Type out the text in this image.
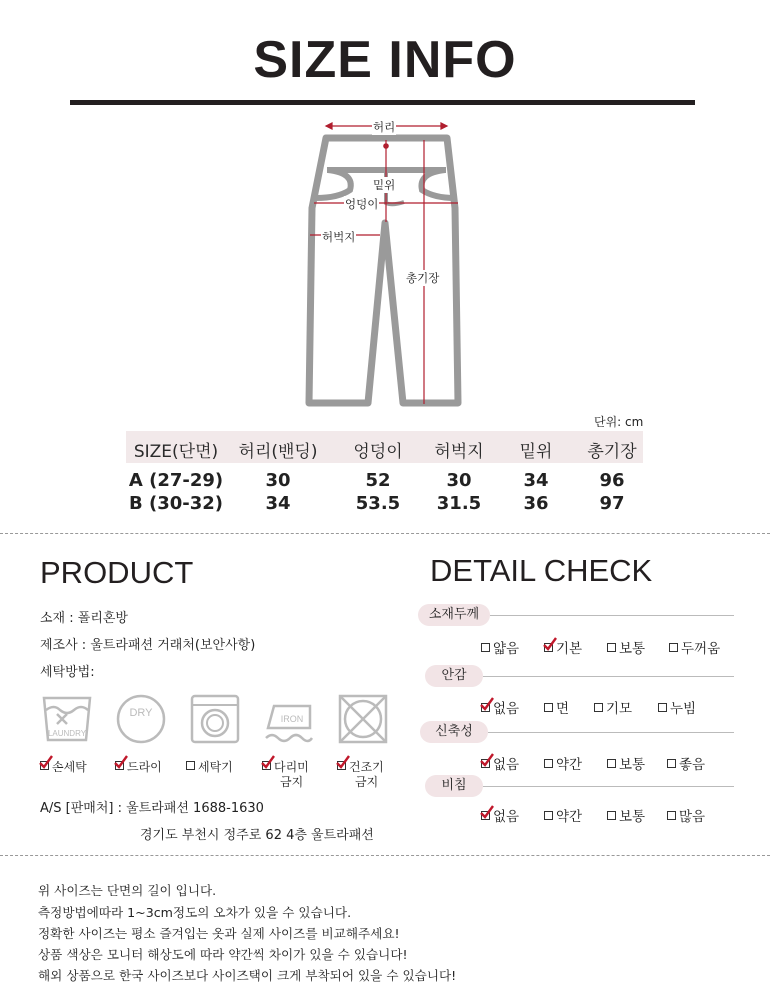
SIZE INFO
허리
밑위
엉덩이
허벅지
총기장
단위: cm
SIZE(단면)	허리(밴딩)	엉덩이	허벅지	밑위	총기장
A (27-29)	30	52	30	34	96
B (30-32)	34	53.5	31.5	36	97
PRODUCT
소재 : 폴리혼방
제조사 : 울트라패션 거래처(보안사항)
세탁방법:
LAUNDRY
DRY	IRON
손세탁	드라이	세탁기	다리미
금지
건조기
금지
A/S [판매처] : 울트라패션 1688-1630
경기도 부천시 정주로 62 4층 울트라패션
DETAIL CHECK
소재두께
얇음	기본	보통	두꺼움
안감
없음	면	기모	누빔
신축성
없음	약간	보통	좋음
비침
없음	약간	보통	많음
위 사이즈는 단면의 길이 입니다.
측정방법에따라 1~3cm정도의 오차가 있을 수 있습니다.
정확한 사이즈는 평소 즐겨입는 옷과 실제 사이즈를 비교해주세요!
상품 색상은 모니터 해상도에 따라 약간씩 차이가 있을 수 있습니다!
해외 상품으로 한국 사이즈보다 사이즈택이 크게 부착되어 있을 수 있습니다!
